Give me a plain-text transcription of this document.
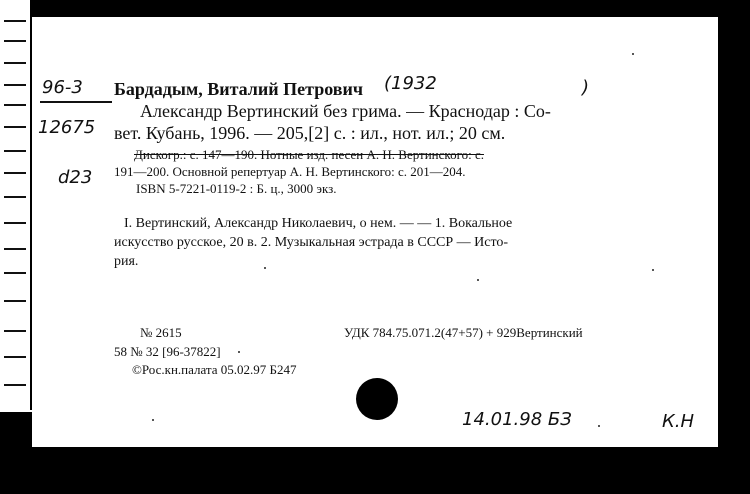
96-3
12675
Бардадым, Виталий Петрович (1932	)
Александр Вертинский без грима. — Краснодар : Со-
вет. Кубань, 1996. — 205,[2] с. : ил., нот. ил.; 20 см.
d23
Дискогр.: с. 147—190. Нотные изд. песен А. Н. Вертинского: с.
191—200. Основной репертуар А. Н. Вертинского: с. 201—204.
ISBN 5-7221-0119-2 : Б. ц., 3000 экз.
I. Вертинский, Александр Николаевич, о нем. — — 1. Вокальное
искусство русское, 20 в. 2. Музыкальная эстрада в СССР — Исто-
рия.
№ 2615	УДК 784.75.071.2(47+57) + 929Вертинский
58 № 32 [96-37822]
©Рос.кн.палата 05.02.97 Б247
14.01.98 БЗ	К.Н
